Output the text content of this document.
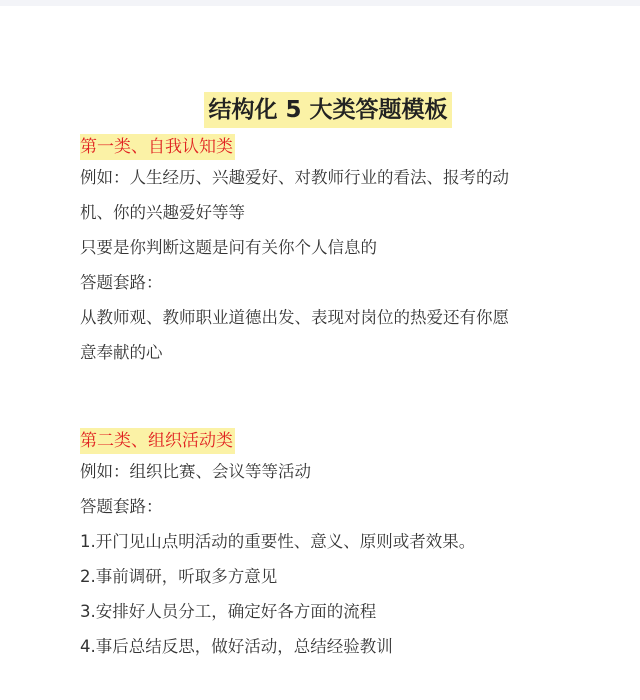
结构化 5 大类答题模板
第一类、自我认知类

例如：人生经历、兴趣爱好、对教师行业的看法、报考的动

机、你的兴趣爱好等等

只要是你判断这题是问有关你个人信息的

答题套路：

从教师观、教师职业道德出发、表现对岗位的热爱还有你愿

意奉献的心

第二类、组织活动类

例如：组织比赛、会议等等活动

答题套路：

1.开门见山点明活动的重要性、意义、原则或者效果。

2.事前调研，听取多方意见

3.安排好人员分工，确定好各方面的流程

4.事后总结反思，做好活动，总结经验教训
